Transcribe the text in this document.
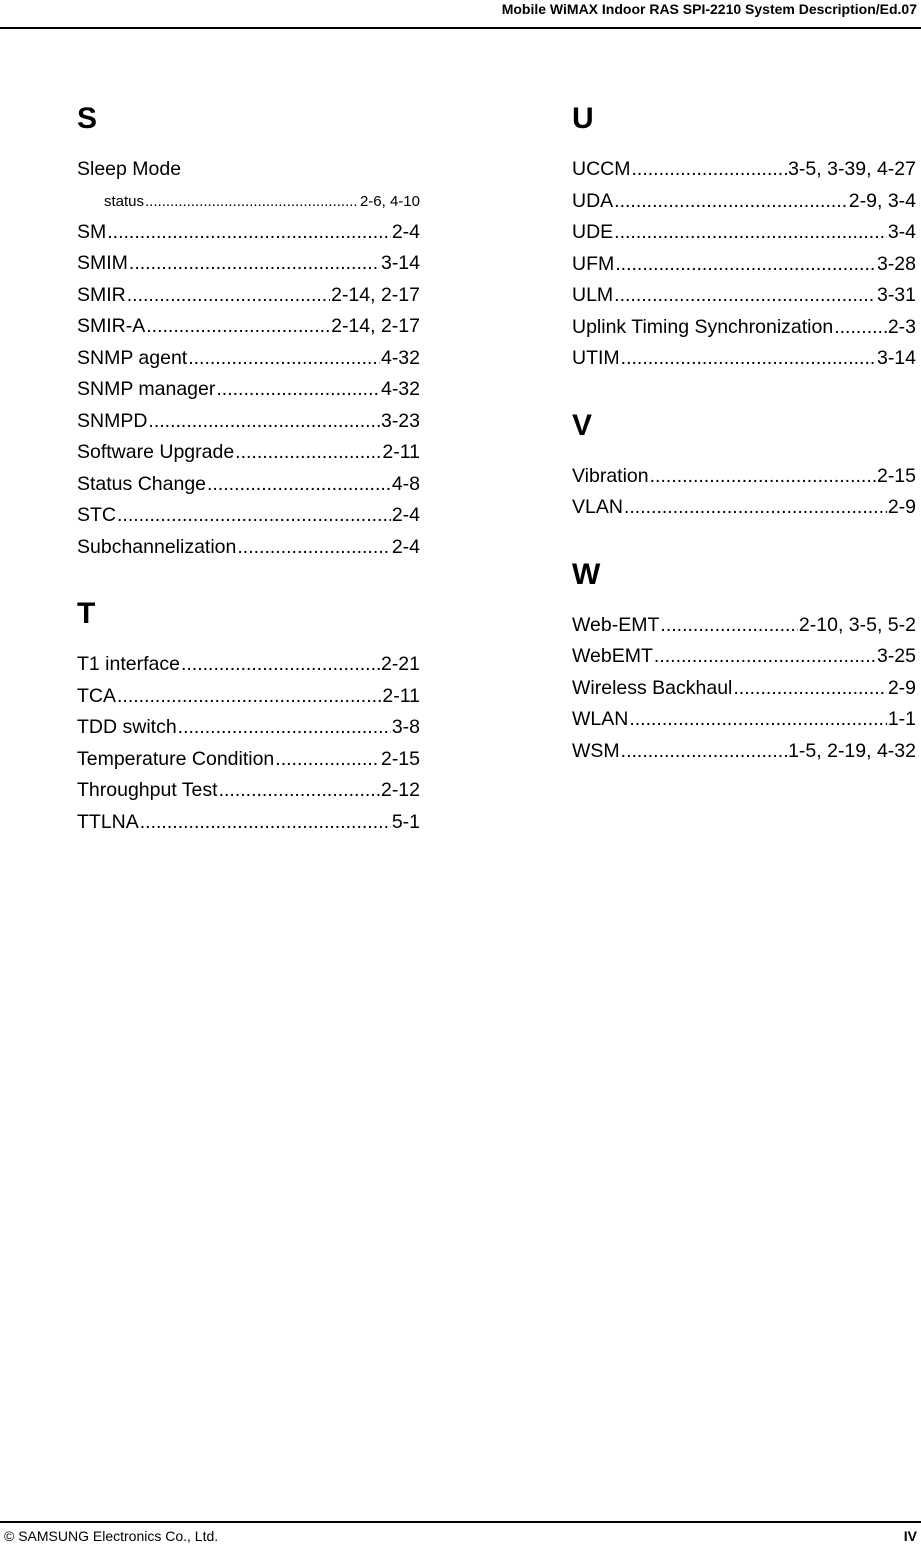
Mobile WiMAX Indoor RAS SPI-2210 System Description/Ed.07
S
Sleep Mode
status .....	2-6, 4-10
SM .....	2-4
SMIM .....	3-14
SMIR .....	2-14, 2-17
SMIR-A .....	2-14, 2-17
SNMP agent .....	4-32
SNMP manager .....	4-32
SNMPD .....	3-23
Software Upgrade .....	2-11
Status Change .....	4-8
STC .....	2-4
Subchannelization .....	2-4
T
T1 interface .....	2-21
TCA .....	2-11
TDD switch .....	3-8
Temperature Condition .....	2-15
Throughput Test .....	2-12
TTLNA .....	5-1
U
UCCM .....	3-5, 3-39, 4-27
UDA .....	2-9, 3-4
UDE .....	3-4
UFM .....	3-28
ULM .....	3-31
Uplink Timing Synchronization .....	2-3
UTIM .....	3-14
V
Vibration .....	2-15
VLAN .....	2-9
W
Web-EMT .....	2-10, 3-5, 5-2
WebEMT .....	3-25
Wireless Backhaul .....	2-9
WLAN .....	1-1
WSM .....	1-5, 2-19, 4-32
© SAMSUNG Electronics Co., Ltd.	IV
